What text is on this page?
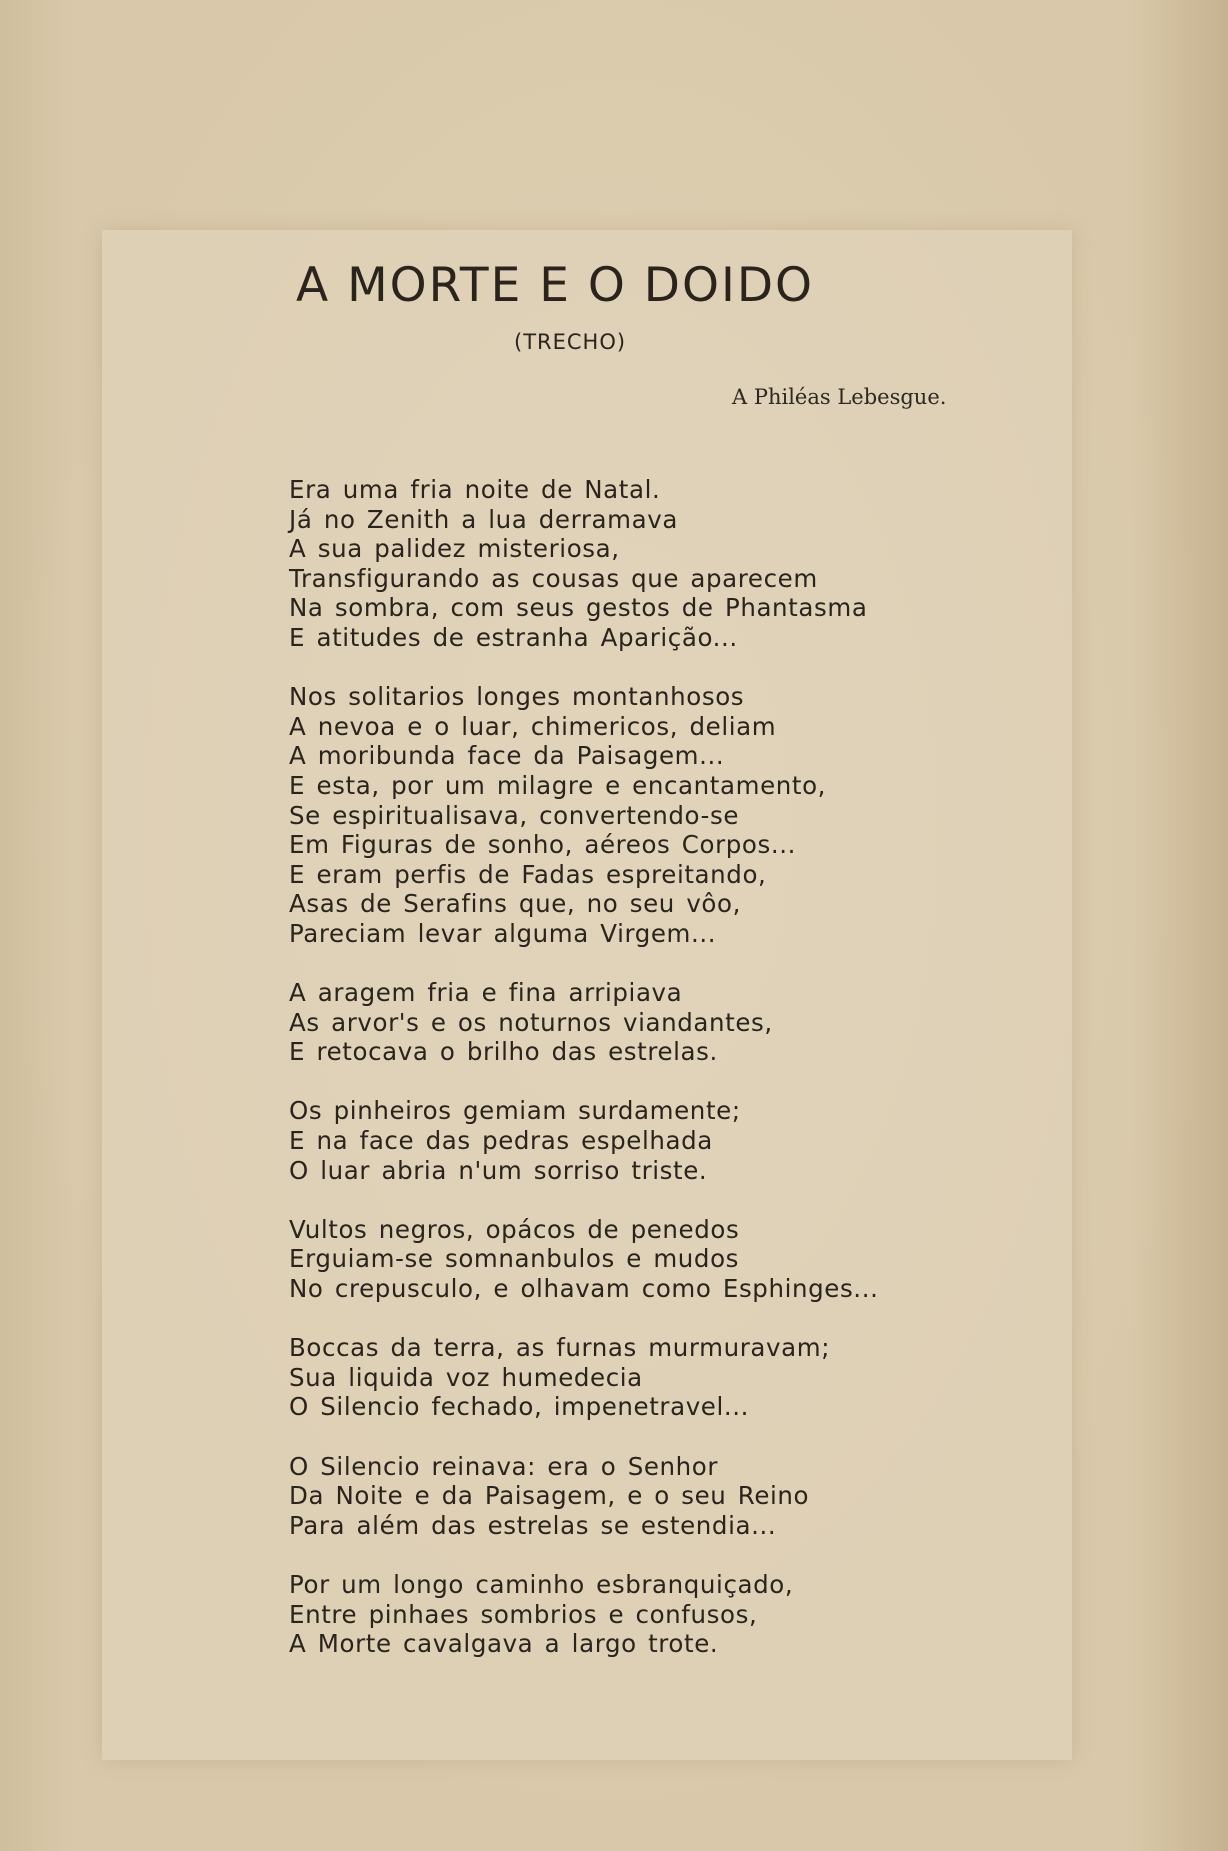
A MORTE E O DOIDO
(TRECHO)
A Philéas Lebesgue.
Era uma fria noite de Natal.
Já no Zenith a lua derramava
A sua palidez misteriosa,
Transfigurando as cousas que aparecem
Na sombra, com seus gestos de Phantasma
E atitudes de estranha Aparição...
Nos solitarios longes montanhosos
A nevoa e o luar, chimericos, deliam
A moribunda face da Paisagem...
E esta, por um milagre e encantamento,
Se espiritualisava, convertendo-se
Em Figuras de sonho, aéreos Corpos...
E eram perfis de Fadas espreitando,
Asas de Serafins que, no seu vôo,
Pareciam levar alguma Virgem...
A aragem fria e fina arripiava
As arvor's e os noturnos viandantes,
E retocava o brilho das estrelas.
Os pinheiros gemiam surdamente;
E na face das pedras espelhada
O luar abria n'um sorriso triste.
Vultos negros, opácos de penedos
Erguiam-se somnanbulos e mudos
No crepusculo, e olhavam como Esphinges...
Boccas da terra, as furnas murmuravam;
Sua liquida voz humedecia
O Silencio fechado, impenetravel...
O Silencio reinava: era o Senhor
Da Noite e da Paisagem, e o seu Reino
Para além das estrelas se estendia...
Por um longo caminho esbranquiçado,
Entre pinhaes sombrios e confusos,
A Morte cavalgava a largo trote.
